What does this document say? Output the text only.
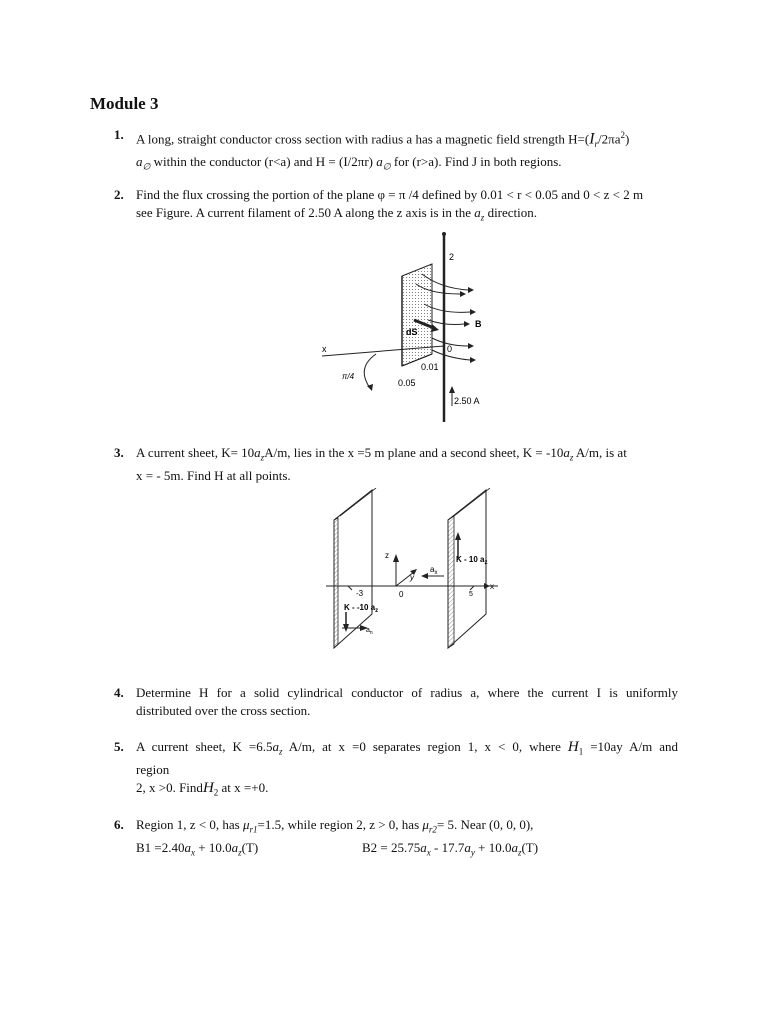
Module 3
1. A long, straight conductor cross section with radius a has a magnetic field strength $H=(I_r/2\pi a^2)$
$a_\emptyset$ within the conductor (r<a) and H = (I/2πr) $a_\emptyset$ for (r>a). Find J in both regions.
2. Find the flux crossing the portion of the plane φ = π /4 defined by 0.01 < r < 0.05 and 0 < z < 2 m
see Figure. A current filament of 2.50 A along the z axis is in the $a_z$ direction.
2
B
dS
x	0
0.01
0.05
π/4
2.50 A
3. A current sheet, $K= 10a_zA/m$, lies in the x =5 m plane and a second sheet, $K = -10a_z$ A/m, is at
x = - 5m. Find H at all points.
z
y
$a_x$
x
-3	0	5
K - 10 $a_z$
K - -10 $a_z$
$a_n$
4. Determine H for a solid cylindrical conductor of radius a, where the current I is uniformly
distributed over the cross section.
5. A current sheet, $K =6.5a_z$ A/m, at x =0 separates region 1, x < 0, where $H_1 =10ay$ A/m and
region
2, x >0. FindH$_2$ at x =+0.
6. Region 1, z < 0, has $\mu_{r1}=1.5$, while region 2, z > 0, has $\mu_{r2}= 5$. Near (0, 0, 0),
$B1 =2.40a_x + 10.0a_z(T)$	$B2 = 25.75a_x - 17.7a_y + 10.0a_z(T)$
